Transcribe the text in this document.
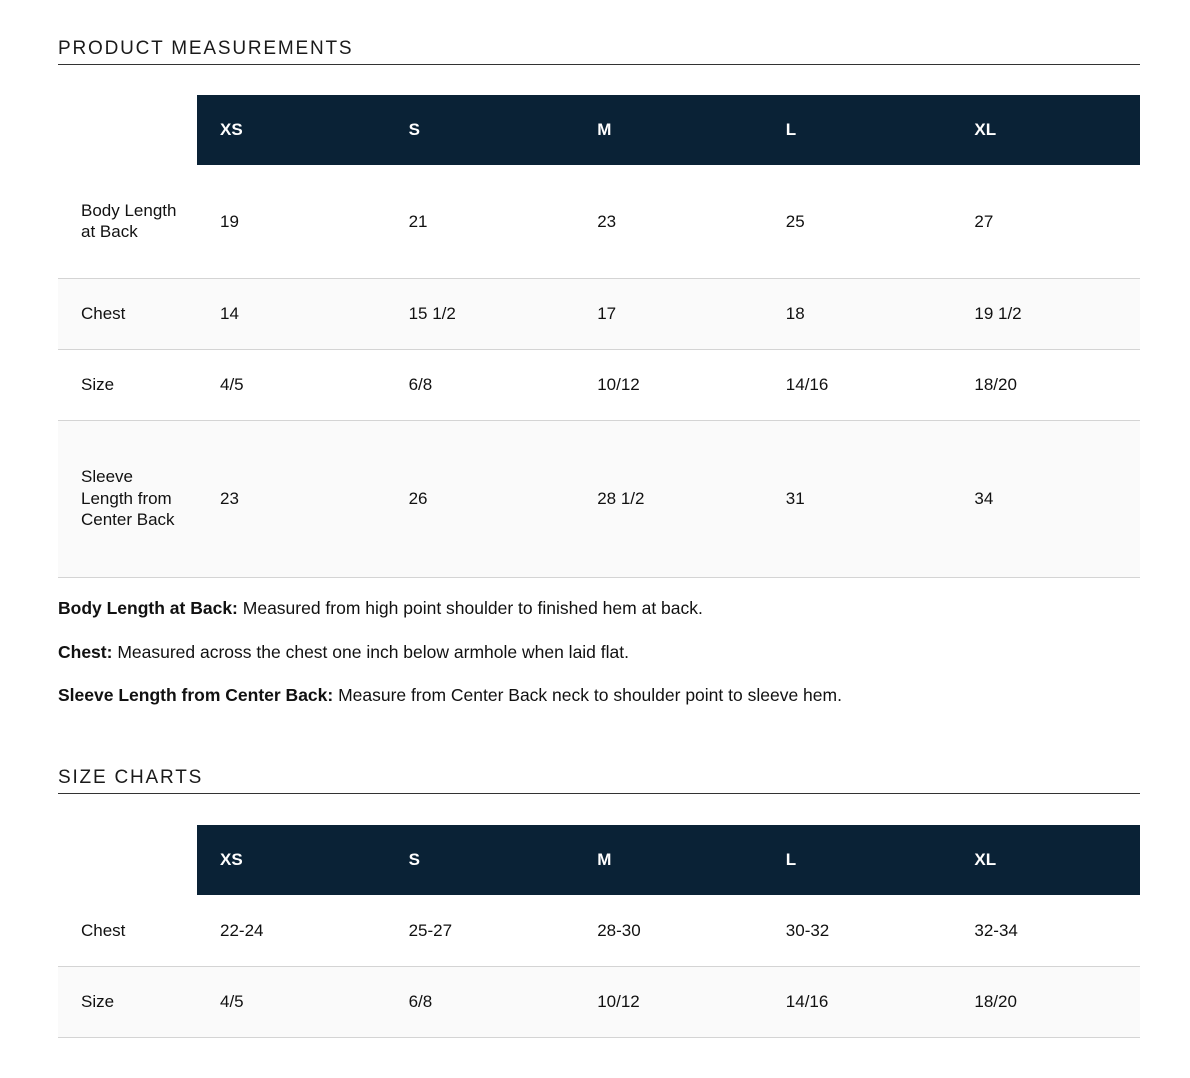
PRODUCT MEASUREMENTS
	XS	S	M	L	XL
Body Length at Back	19	21	23	25	27
Chest	14	15 1/2	17	18	19 1/2
Size	4/5	6/8	10/12	14/16	18/20
Sleeve Length from Center Back	23	26	28 1/2	31	34

Body Length at Back: Measured from high point shoulder to finished hem at back.

Chest: Measured across the chest one inch below armhole when laid flat.

Sleeve Length from Center Back: Measure from Center Back neck to shoulder point to sleeve hem.

SIZE CHARTS
	XS	S	M	L	XL
Chest	22-24	25-27	28-30	30-32	32-34
Size	4/5	6/8	10/12	14/16	18/20
